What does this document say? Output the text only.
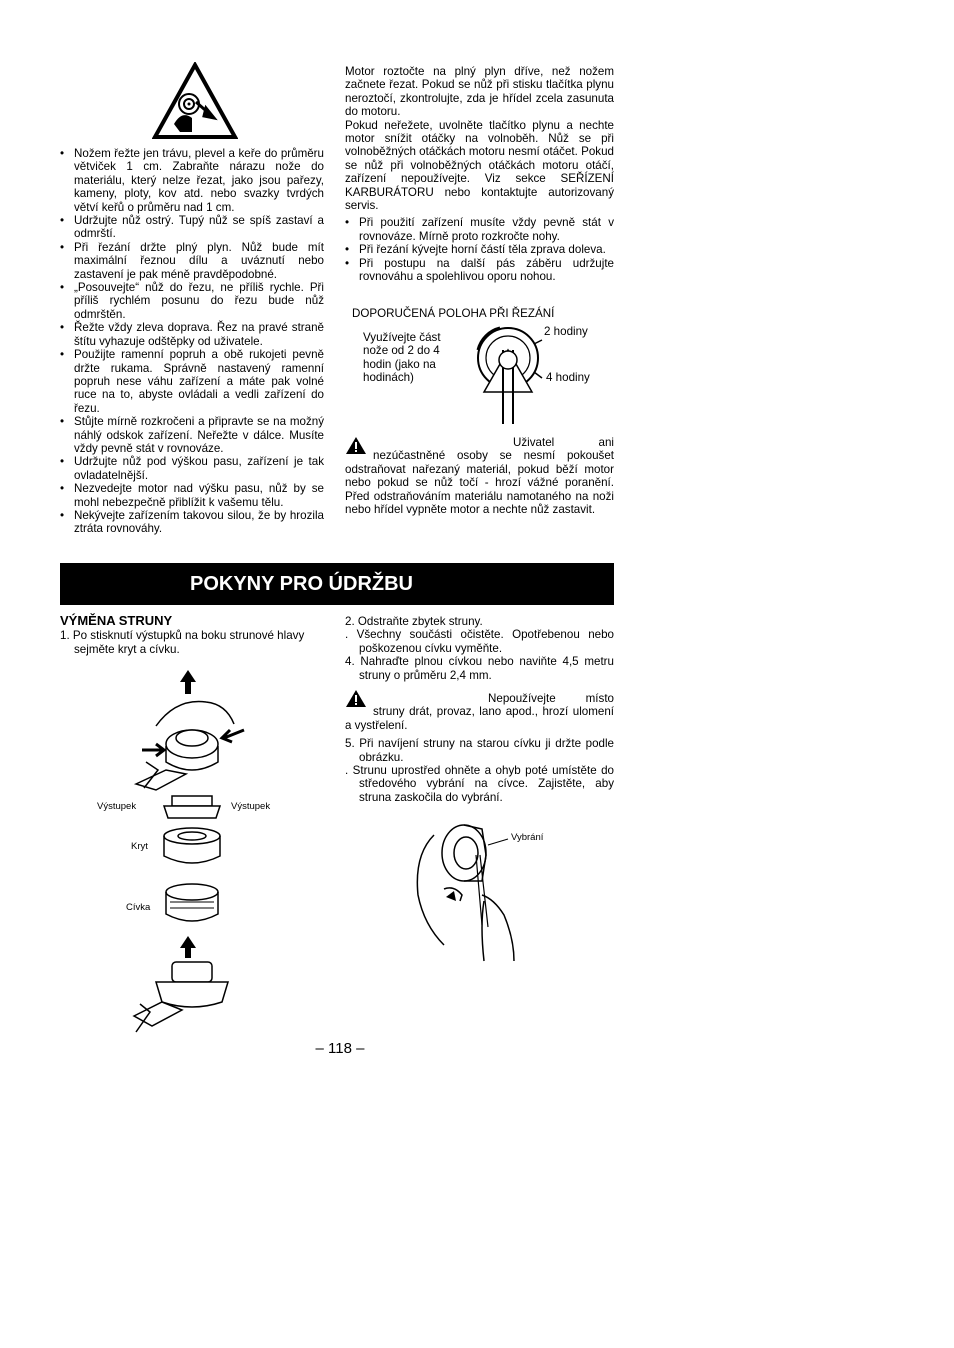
• Nožem řežte jen trávu, plevel a keře do průměru větviček 1 cm. Zabraňte nárazu nože do materiálu, který nelze řezat, jako jsou pařezy, kameny, ploty, kov atd. nebo svazky tvrdých větví keřů o průměru nad 1 cm.
• Udržujte nůž ostrý. Tupý nůž se spíš zastaví a odmrští.
• Při řezání držte plný plyn. Nůž bude mít maximální řeznou dílu a uváznutí nebo zastavení je pak méně pravděpodobné.
• „Posouvejte“ nůž do řezu, ne příliš rychle. Při příliš rychlém posunu do řezu bude nůž odmrštěn.
• Řežte vždy zleva doprava. Řez na pravé straně štítu vyhazuje odštěpky od uživatele.
• Použijte ramenní popruh a obě rukojeti pevně držte rukama. Správně nastavený ramenní popruh nese váhu zařízení a máte pak volné ruce na to, abyste ovládali a vedli zařízení do řezu.
• Stůjte mírně rozkročeni a připravte se na možný náhlý odskok zařízení. Neřežte v dálce. Musíte vždy pevně stát v rovnováze.
• Udržujte nůž pod výškou pasu, zařízení je tak ovladatelnější.
• Nezvedejte motor nad výšku pasu, nůž by se mohl nebezpečně přiblížit k vašemu tělu.
• Nekývejte zařízením takovou silou, že by hrozila ztráta rovnováhy.

Motor roztočte na plný plyn dříve, než nožem začnete řezat. Pokud se nůž při stisku tlačítka plynu neroztočí, zkontrolujte, zda je hřídel zcela zasunuta do motoru.

Pokud neřežete, uvolněte tlačítko plynu a nechte motor snížit otáčky na volnoběh. Nůž se při volnoběžných otáčkách motoru nesmí otáčet. Pokud se nůž při volnoběžných otáčkách motoru otáčí, zařízení nepoužívejte. Viz sekce SEŘÍZENÍ KARBURÁTORU nebo kontaktujte autorizovaný servis.

• Při použití zařízení musíte vždy pevně stát v rovnováze. Mírně proto rozkročte nohy.
• Při řezání kývejte horní částí těla zprava doleva.
• Při postupu na další pás záběru udržujte rovnováhu a spolehlivou oporu nohou.
DOPORUČENÁ POLOHA PŘI ŘEZÁNÍ
Využívejte část nože od 2 do 4 hodin (jako na hodinách)
2 hodiny
4 hodiny

Uživatel ani nezúčastněné osoby se nesmí pokoušet odstraňovat nařezaný materiál, pokud běží motor nebo pokud se nůž točí - hrozí vážné poranění. Před odstraňováním materiálu namotaného na noži nebo hřídel vypněte motor a nechte nůž zastavit.

POKYNY PRO ÚDRŽBU
VÝMĚNA STRUNY

1. Po stisknutí výstupků na boku strunové hlavy sejměte kryt a cívku.

Výstupek	Výstupek
Kryt
Cívka

2. Odstraňte zbytek struny.

. Všechny součásti očistěte. Opotřebenou nebo poškozenou cívku vyměňte.

4. Nahraďte plnou cívkou nebo naviňte 4,5 metru struny o průměru 2,4 mm.

Nepoužívejte místo struny drát, provaz, lano apod., hrozí ulomení a vystřelení.

5. Při navíjení struny na starou cívku ji držte podle obrázku.

. Strunu uprostřed ohněte a ohyb poté umístěte do středového vybrání na cívce. Zajistěte, aby struna zaskočila do vybrání.

Vybrání
– 118 –
